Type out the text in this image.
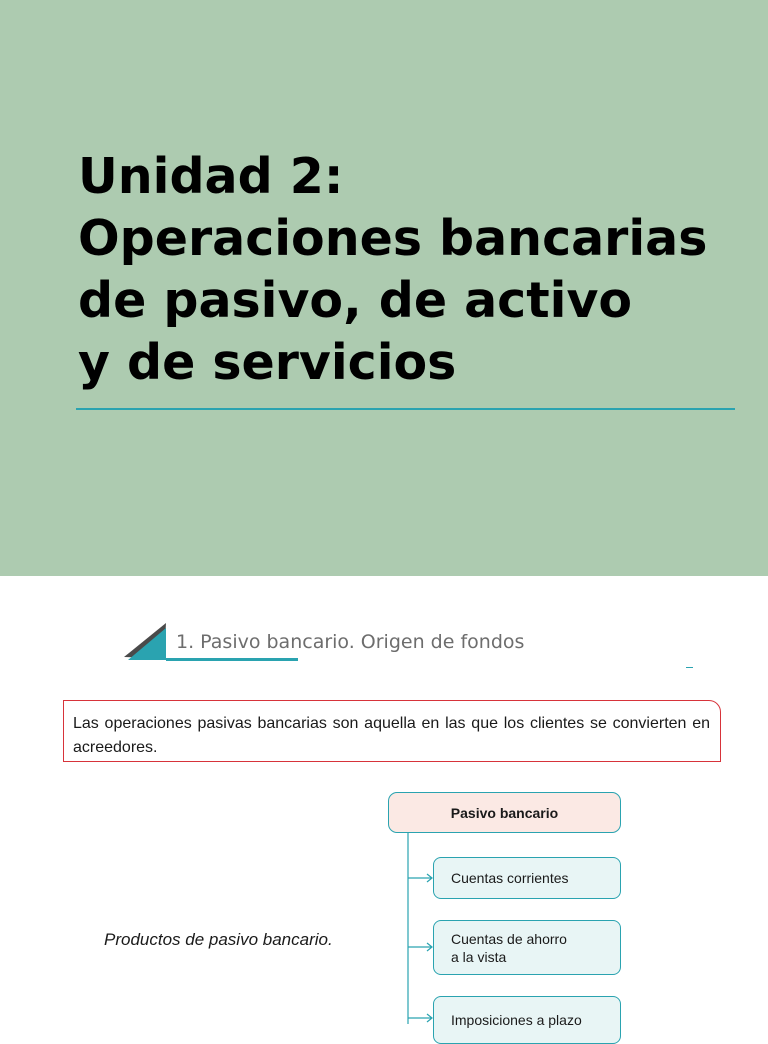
Unidad 2:
Operaciones bancarias
de pasivo, de activo
y de servicios
1. Pasivo bancario. Origen de fondos

Las operaciones pasivas bancarias son aquella en las que los clientes se convierten en acreedores.

Productos de pasivo bancario.
Pasivo bancario
Cuentas corrientes
Cuentas de ahorro
a la vista
Imposiciones a plazo
